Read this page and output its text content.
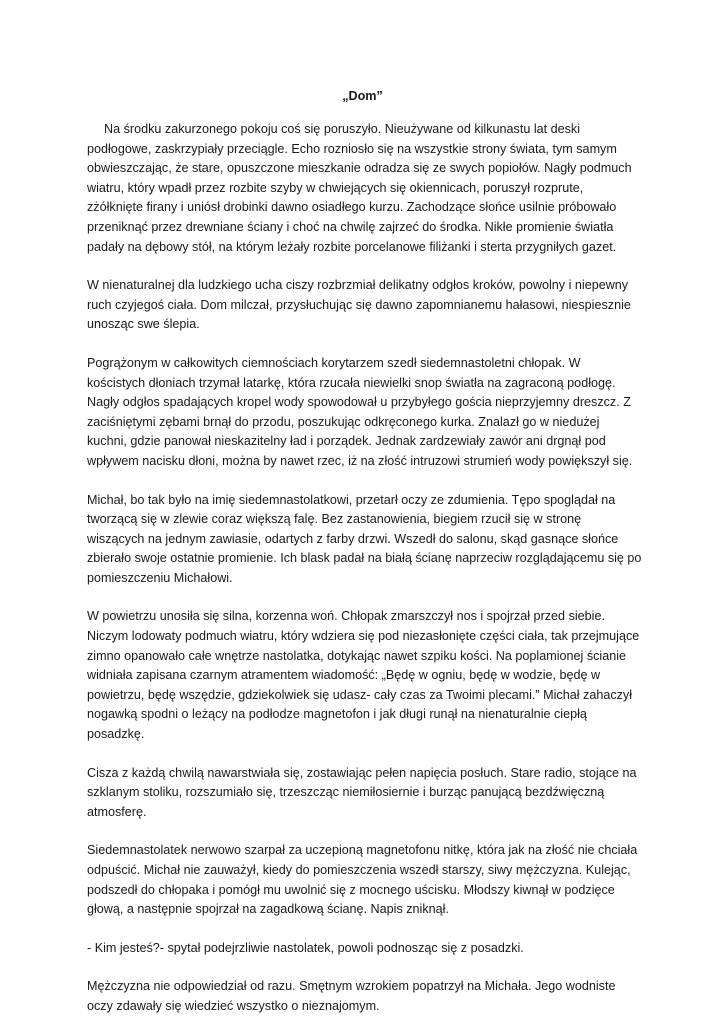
„Dom”

Na środku zakurzonego pokoju coś się poruszyło. Nieużywane od kilkunastu lat deski podłogowe, zaskrzypiały przeciągle. Echo rozniosło się na wszystkie strony świata, tym samym obwieszczając, że stare, opuszczone mieszkanie odradza się ze swych popiołów. Nagły podmuch wiatru, który wpadł przez rozbite szyby w chwiejących się okiennicach, poruszył rozprute, zżółknięte firany i uniósł drobinki dawno osiadłego kurzu. Zachodzące słońce usilnie próbowało przeniknąć przez drewniane ściany i choć na chwilę zajrzeć do środka. Nikłe promienie światła padały na dębowy stół, na którym leżały rozbite porcelanowe filiżanki i sterta przygniłych gazet.

W nienaturalnej dla ludzkiego ucha ciszy rozbrzmiał delikatny odgłos kroków, powolny i niepewny ruch czyjegoś ciała. Dom milczał, przysłuchując się dawno zapomnianemu hałasowi, niespiesznie unosząc swe ślepia.

Pogrążonym w całkowitych ciemnościach korytarzem szedł siedemnastoletni chłopak. W kościstych dłoniach trzymał latarkę, która rzucała niewielki snop światła na zagraconą podłogę. Nagły odgłos spadających kropel wody spowodował u przybyłego gościa nieprzyjemny dreszcz. Z zaciśniętymi zębami brnął do przodu, poszukując odkręconego kurka. Znalazł go w niedużej kuchni, gdzie panował nieskazitelny ład i porządek. Jednak zardzewiały zawór ani drgnął pod wpływem nacisku dłoni, można by nawet rzec, iż na złość intruzowi strumień wody powiększył się.

Michał, bo tak było na imię siedemnastolatkowi, przetarł oczy ze zdumienia. Tępo spoglądał na tworzącą się w zlewie coraz większą falę. Bez zastanowienia, biegiem rzucił się w stronę wiszących na jednym zawiasie, odartych z farby drzwi. Wszedł do salonu, skąd gasnące słońce zbierało swoje ostatnie promienie. Ich blask padał na białą ścianę naprzeciw rozglądającemu się po pomieszczeniu Michałowi.

W powietrzu unosiła się silna, korzenna woń. Chłopak zmarszczył nos i spojrzał przed siebie. Niczym lodowaty podmuch wiatru, który wdziera się pod niezasłonięte części ciała, tak przejmujące zimno opanowało całe wnętrze nastolatka, dotykając nawet szpiku kości. Na poplamionej ścianie widniała zapisana czarnym atramentem wiadomość: „Będę w ogniu, będę w wodzie, będę w powietrzu, będę wszędzie, gdziekolwiek się udasz- cały czas za Twoimi plecami.” Michał zahaczył nogawką spodni o leżący na podłodze magnetofon i jak długi runął na nienaturalnie ciepłą posadzkę.

Cisza z każdą chwilą nawarstwiała się, zostawiając pełen napięcia posłuch. Stare radio, stojące na szklanym stoliku, rozszumiało się, trzeszcząc niemiłosiernie i burząc panującą bezdźwięczną atmosferę.

Siedemnastolatek nerwowo szarpał za uczepioną magnetofonu nitkę, która jak na złość nie chciała odpuścić. Michał nie zauważył, kiedy do pomieszczenia wszedł starszy, siwy mężczyzna. Kulejąc, podszedł do chłopaka i pomógł mu uwolnić się z mocnego uścisku. Młodszy kiwnął w podzięce głową, a następnie spojrzał na zagadkową ścianę. Napis zniknął.

- Kim jesteś?- spytał podejrzliwie nastolatek, powoli podnosząc się z posadzki.

Mężczyzna nie odpowiedział od razu. Smętnym wzrokiem popatrzył na Michała. Jego wodniste oczy zdawały się wiedzieć wszystko o nieznajomym.
